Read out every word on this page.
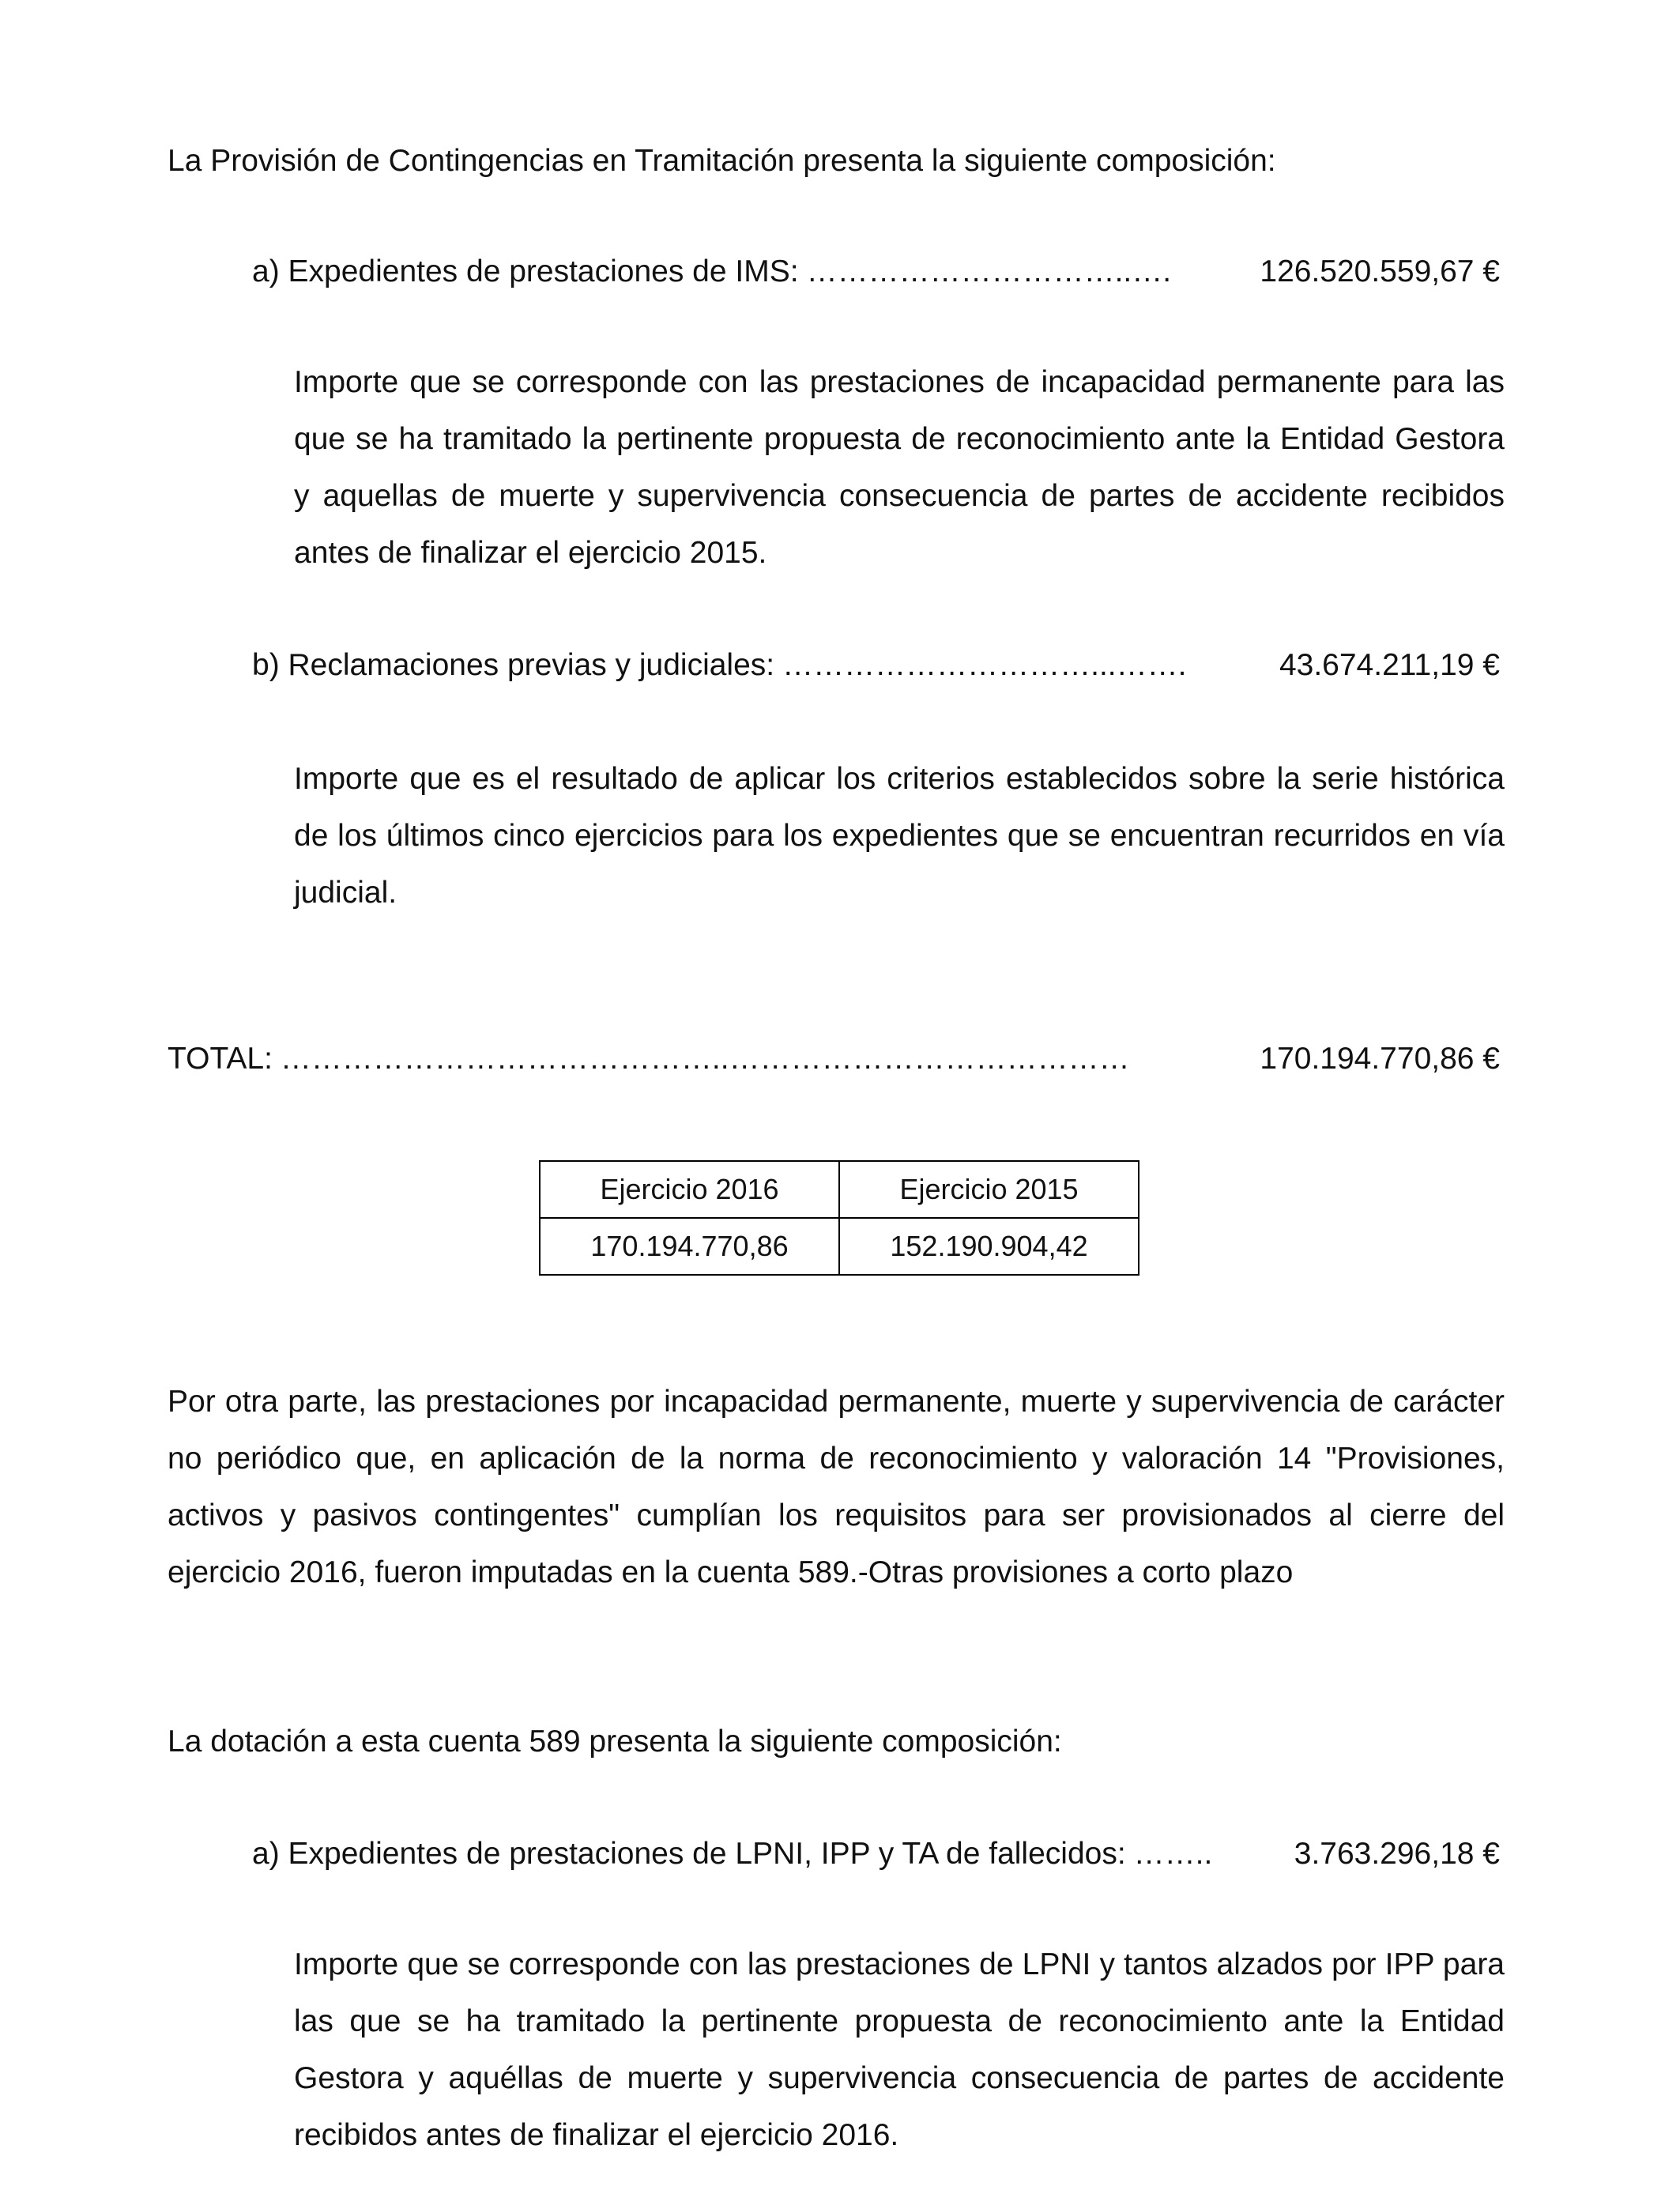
La Provisión de Contingencias en Tramitación presenta la siguiente composición:
a) Expedientes de prestaciones de IMS: …………………………..….	126.520.559,67 €
Importe que se corresponde con las prestaciones de incapacidad permanente para las que se ha tramitado la pertinente propuesta de reconocimiento ante la Entidad Gestora y aquellas de muerte y supervivencia consecuencia de partes de accidente recibidos antes de finalizar el ejercicio 2015.
b) Reclamaciones previas y judiciales: …………………………...…….	43.674.211,19 €
Importe que es el resultado de aplicar los criterios establecidos sobre la serie histórica de los últimos cinco ejercicios para los expedientes que se encuentran recurridos en vía judicial.
TOTAL: ……………………………………..…………………………………	170.194.770,86 €
Ejercicio 2016	Ejercicio 2015
170.194.770,86	152.190.904,42
Por otra parte, las prestaciones por incapacidad permanente, muerte y supervivencia de carácter no periódico que, en aplicación de la norma de reconocimiento y valoración 14 "Provisiones, activos y pasivos contingentes" cumplían los requisitos para ser provisionados al cierre del ejercicio 2016, fueron imputadas en la cuenta 589.-Otras provisiones a corto plazo
La dotación a esta cuenta 589 presenta la siguiente composición:
a) Expedientes de prestaciones de LPNI, IPP y TA de fallecidos: ……..	3.763.296,18 €
Importe que se corresponde con las prestaciones de LPNI y tantos alzados por IPP para las que se ha tramitado la pertinente propuesta de reconocimiento ante la Entidad Gestora y aquéllas de muerte y supervivencia consecuencia de partes de accidente recibidos antes de finalizar el ejercicio 2016.
